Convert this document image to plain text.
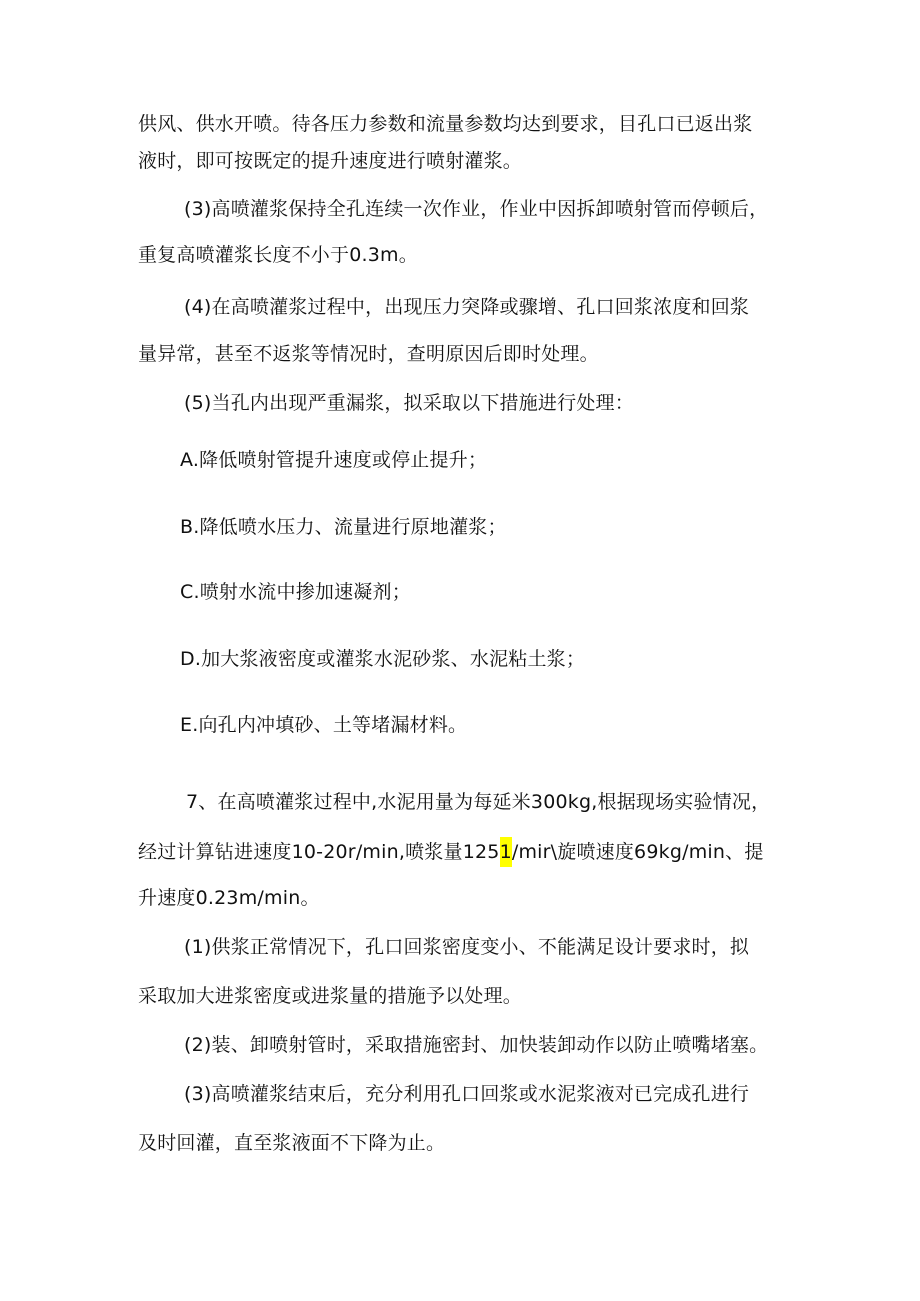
供风、供水开喷。待各压力参数和流量参数均达到要求，目孔口已返出浆
液时，即可按既定的提升速度进行喷射灌浆。
(3)高喷灌浆保持全孔连续一次作业，作业中因拆卸喷射管而停顿后，
重复高喷灌浆长度不小于0.3m。
(4)在高喷灌浆过程中，出现压力突降或骤增、孔口回浆浓度和回浆
量异常，甚至不返浆等情况时，查明原因后即时处理。
(5)当孔内出现严重漏浆，拟采取以下措施进行处理：
A.降低喷射管提升速度或停止提升；
B.降低喷水压力、流量进行原地灌浆；
C.喷射水流中掺加速凝剂；
D.加大浆液密度或灌浆水泥砂浆、水泥粘土浆；
E.向孔内冲填砂、土等堵漏材料。
7、在高喷灌浆过程中,水泥用量为每延米300kg,根据现场实验情况，
经过计算钻进速度10-20r/min,喷浆量1251/mir\旋喷速度69kg/min、提
升速度0.23m/min。
(1)供浆正常情况下，孔口回浆密度变小、不能满足设计要求时，拟
采取加大进浆密度或进浆量的措施予以处理。
(2)装、卸喷射管时，采取措施密封、加快装卸动作以防止喷嘴堵塞。
(3)高喷灌浆结束后，充分利用孔口回浆或水泥浆液对已完成孔进行
及时回灌，直至浆液面不下降为止。
